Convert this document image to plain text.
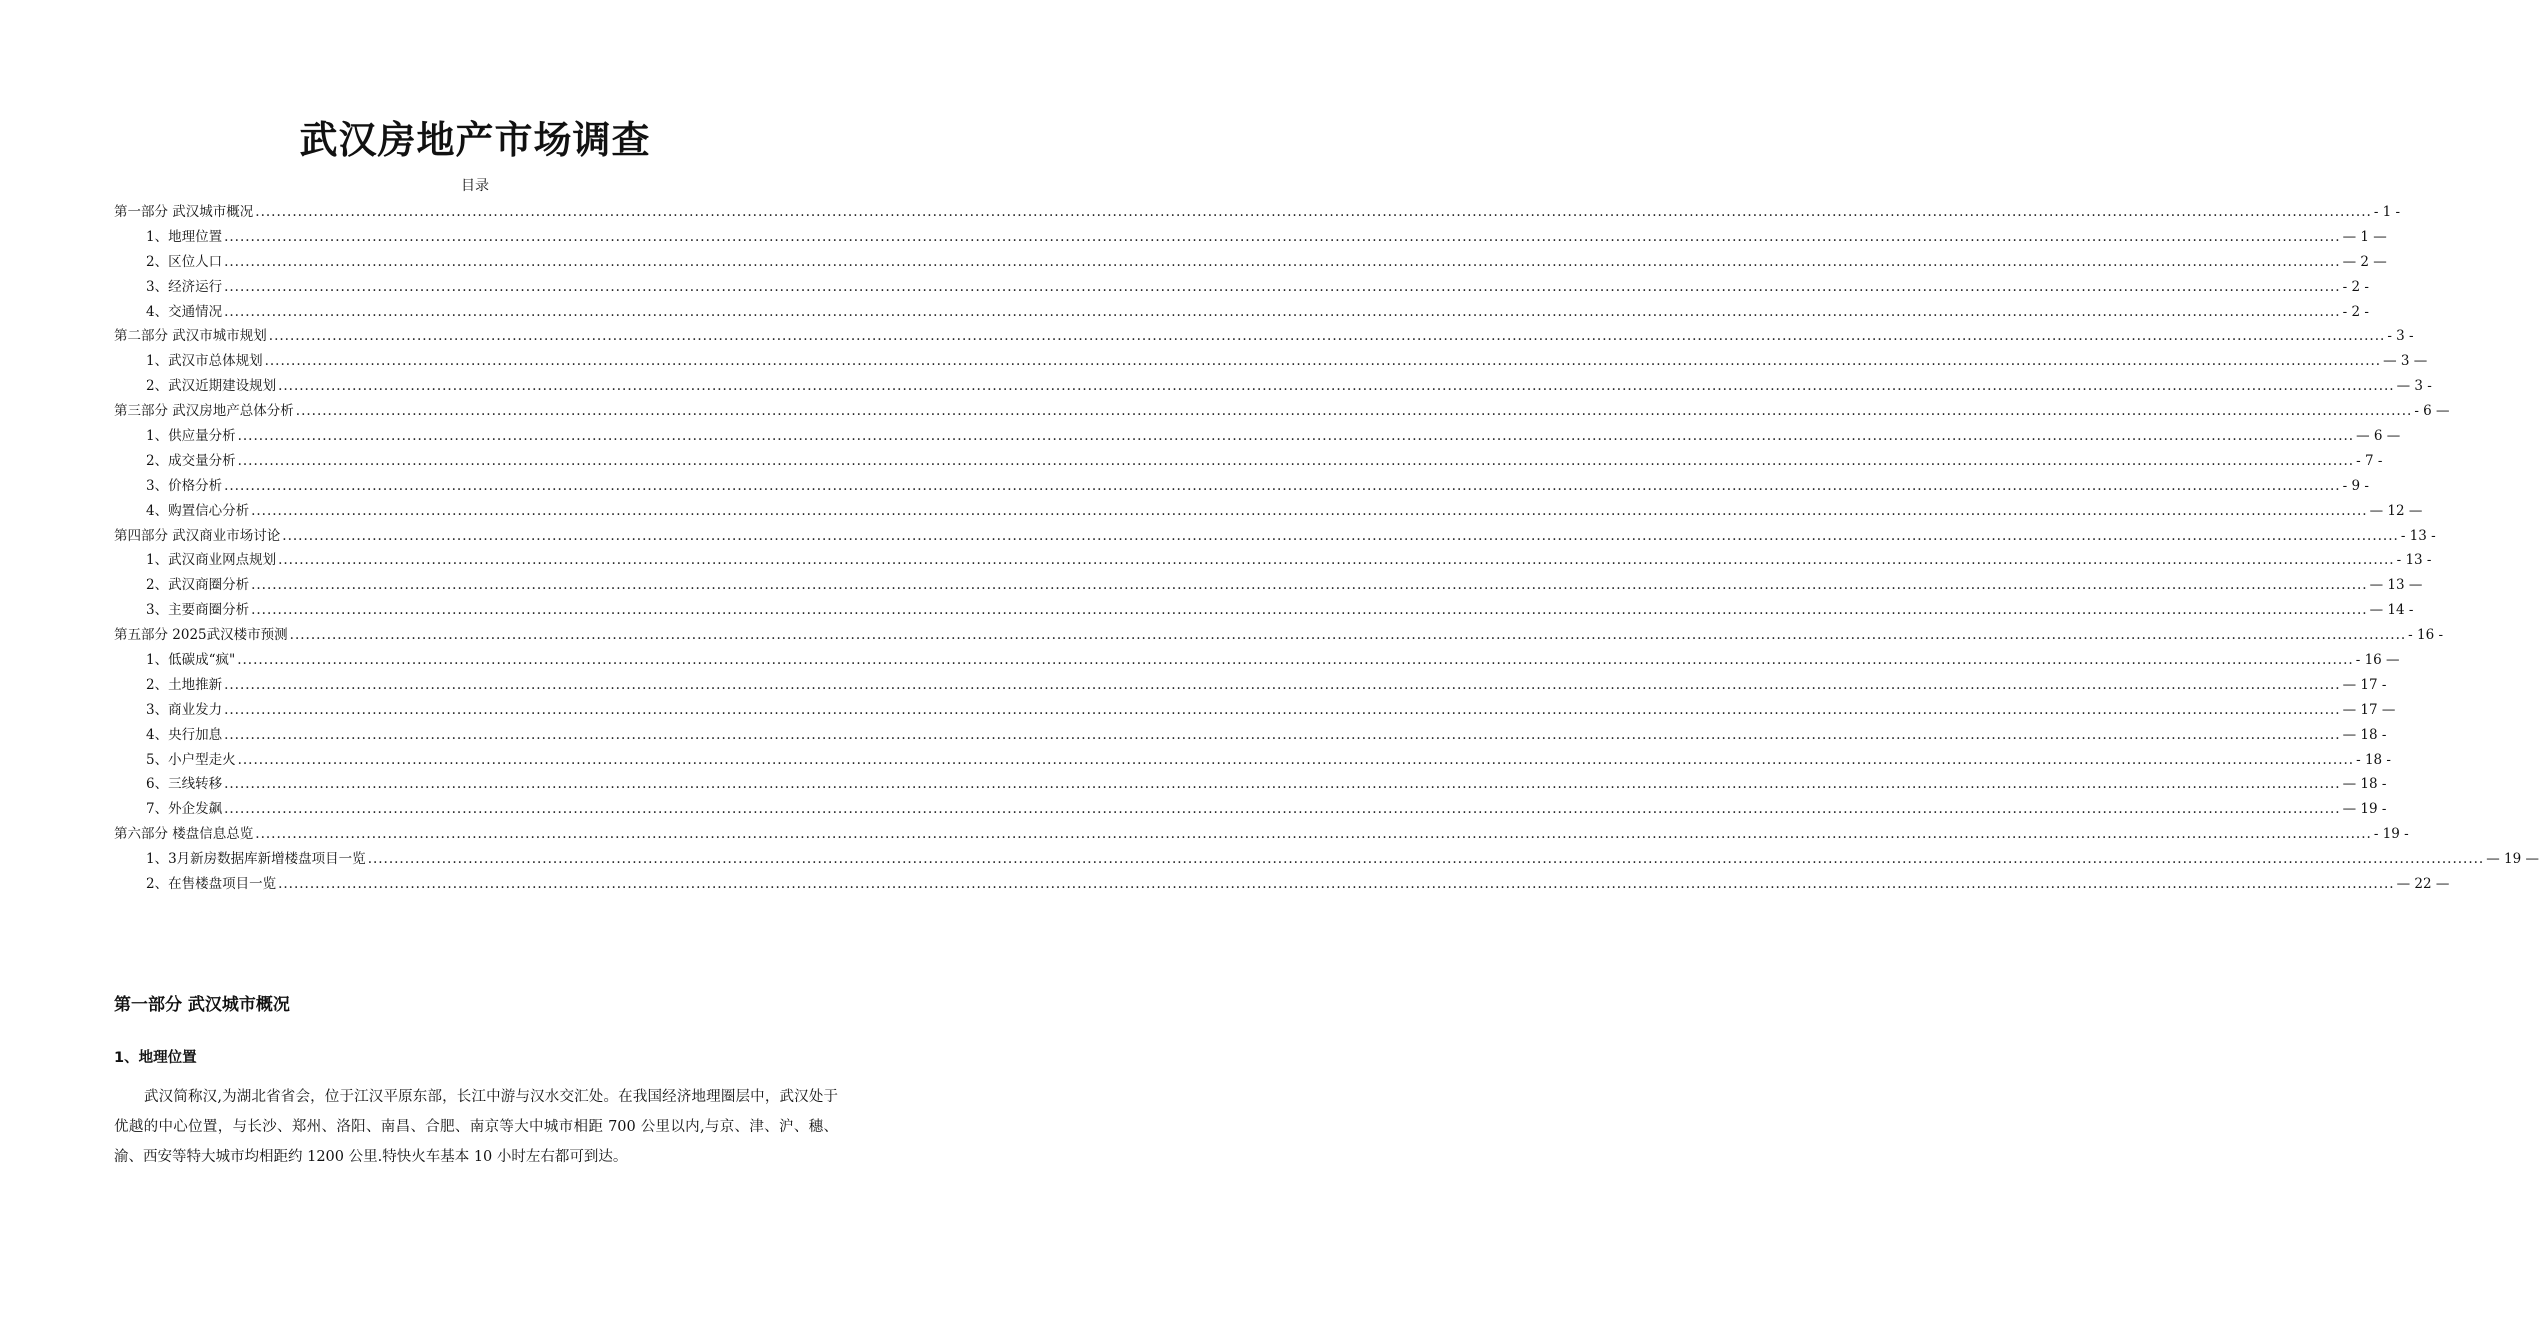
武汉房地产市场调查
目录
第一部分 武汉城市概况 ................................................................................................................................................................................................................................................................................................................................................................................................................ - 1 -
1、地理位置 ................................................................................................................................................................................................................................................................................................................................................................................................................ — 1 —
2、区位人口 ................................................................................................................................................................................................................................................................................................................................................................................................................ — 2 —
3、经济运行 ................................................................................................................................................................................................................................................................................................................................................................................................................ - 2 -
4、交通情况 ................................................................................................................................................................................................................................................................................................................................................................................................................ - 2 -
第二部分 武汉市城市规划 ................................................................................................................................................................................................................................................................................................................................................................................................................ - 3 -
1、武汉市总体规划 ................................................................................................................................................................................................................................................................................................................................................................................................................ — 3 —
2、武汉近期建设规划 ................................................................................................................................................................................................................................................................................................................................................................................................................ — 3 -
第三部分 武汉房地产总体分析 ................................................................................................................................................................................................................................................................................................................................................................................................................ - 6 —
1、供应量分析 ................................................................................................................................................................................................................................................................................................................................................................................................................ — 6 —
2、成交量分析 ................................................................................................................................................................................................................................................................................................................................................................................................................ - 7 -
3、价格分析 ................................................................................................................................................................................................................................................................................................................................................................................................................ - 9 -
4、购置信心分析 ................................................................................................................................................................................................................................................................................................................................................................................................................ — 12 —
第四部分 武汉商业市场讨论 ................................................................................................................................................................................................................................................................................................................................................................................................................ - 13 -
1、武汉商业网点规划 ................................................................................................................................................................................................................................................................................................................................................................................................................ - 13 -
2、武汉商圈分析 ................................................................................................................................................................................................................................................................................................................................................................................................................ — 13 —
3、主要商圈分析 ................................................................................................................................................................................................................................................................................................................................................................................................................ — 14 -
第五部分 2025武汉楼市预测 ................................................................................................................................................................................................................................................................................................................................................................................................................ - 16 -
1、低碳成“疯" ................................................................................................................................................................................................................................................................................................................................................................................................................ - 16 —
2、土地推新 ................................................................................................................................................................................................................................................................................................................................................................................................................ — 17 -
3、商业发力 ................................................................................................................................................................................................................................................................................................................................................................................................................ — 17 —
4、央行加息 ................................................................................................................................................................................................................................................................................................................................................................................................................ — 18 -
5、小户型走火 ................................................................................................................................................................................................................................................................................................................................................................................................................ - 18 -
6、三线转移 ................................................................................................................................................................................................................................................................................................................................................................................................................ — 18 -
7、外企发飙 ................................................................................................................................................................................................................................................................................................................................................................................................................ — 19 -
第六部分 楼盘信息总览 ................................................................................................................................................................................................................................................................................................................................................................................................................ - 19 -
1、3月新房数据库新增楼盘项目一览 ................................................................................................................................................................................................................................................................................................................................................................................................................ — 19 —
2、在售楼盘项目一览 ................................................................................................................................................................................................................................................................................................................................................................................................................ — 22 —
第一部分 武汉城市概况
1、地理位置

武汉简称汉,为湖北省省会，位于江汉平原东部，长江中游与汉水交汇处。在我国经济地理圈层中，武汉处于优越的中心位置，与长沙、郑州、洛阳、南昌、合肥、南京等大中城市相距 700 公里以内,与京、津、沪、穗、渝、西安等特大城市均相距约 1200 公里.特快火车基本 10 小时左右都可到达。
